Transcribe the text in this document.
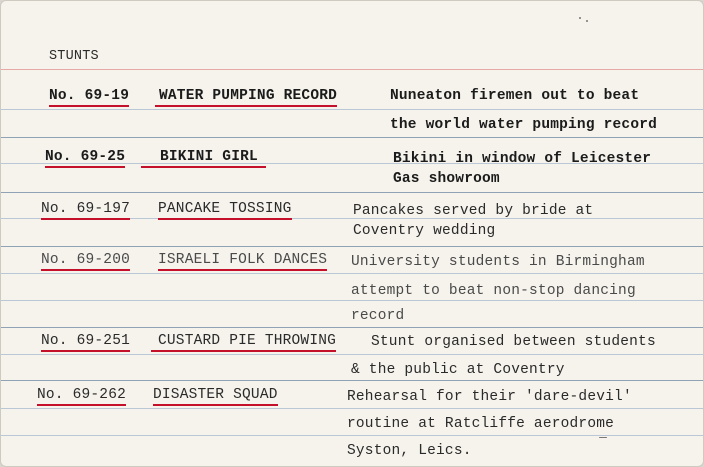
STUNTS
No. 69-19 WATER PUMPING RECORD	Nuneaton firemen out to beat
the world water pumping record
No. 69-25	BIKINI GIRL	Bikini in window of Leicester
Gas showroom
No. 69-197 PANCAKE TOSSING	Pancakes served by bride at
Coventry wedding
No. 69-200 ISRAELI FOLK DANCES University students in Birmingham
attempt to beat non-stop dancing
record
No. 69-251	CUSTARD PIE THROWING Stunt organised between students
& the public at Coventry
No. 69-262 DISASTER SQUAD	Rehearsal for their 'dare-devil'
routine at Ratcliffe aerodrome
Syston, Leics.
